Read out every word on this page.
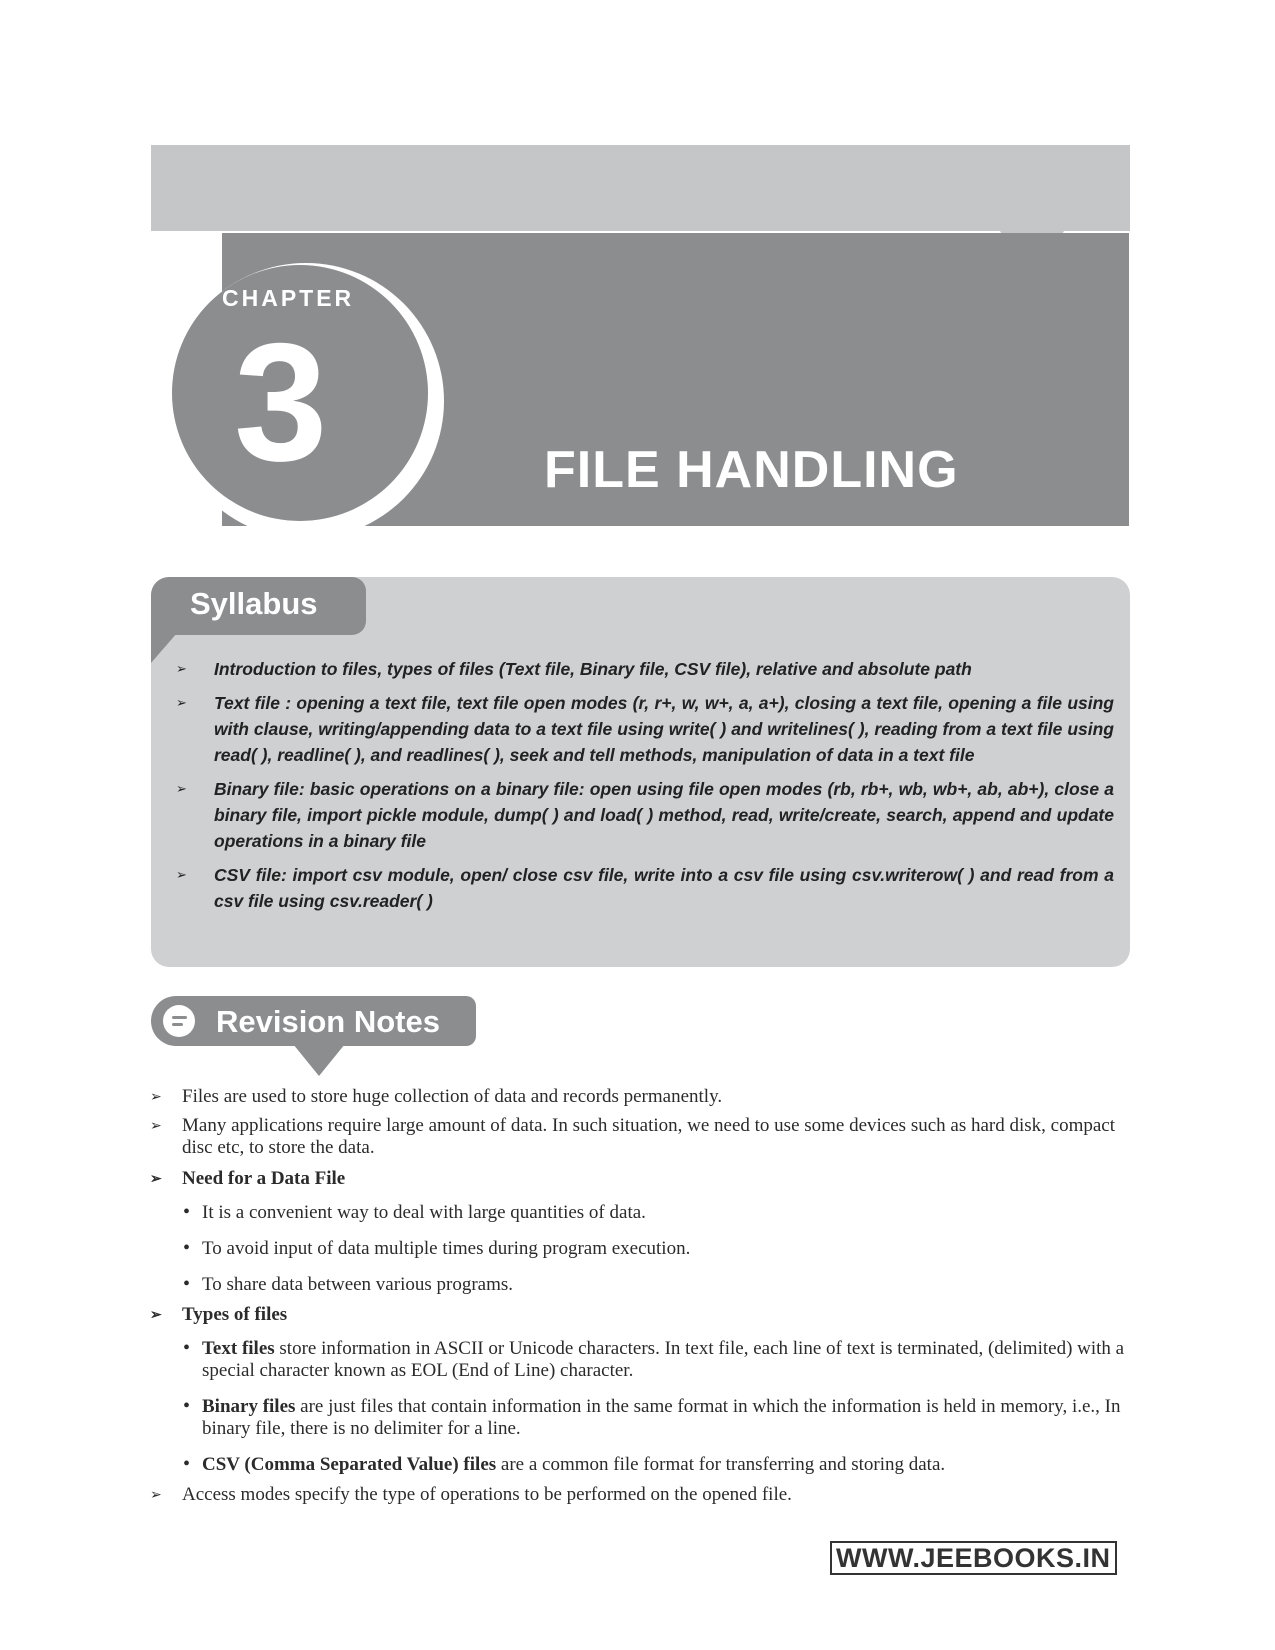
CHAPTER
3	FILE HANDLING
Syllabus
➢ Introduction to files, types of files (Text file, Binary file, CSV file), relative and absolute path
➢ Text file : opening a text file, text file open modes (r, r+, w, w+, a, a+), closing a text file, opening a file using with clause, writing/appending data to a text file using write( ) and writelines( ), reading from a text file using read( ), readline( ), and readlines( ), seek and tell methods, manipulation of data in a text file
➢ Binary file: basic operations on a binary file: open using file open modes (rb, rb+, wb, wb+, ab, ab+), close a binary file, import pickle module, dump( ) and load( ) method, read, write/create, search, append and update operations in a binary file
➢ CSV file: import csv module, open/ close csv file, write into a csv file using csv.writerow( ) and read from a csv file using csv.reader( )
Revision Notes
➢ Files are used to store huge collection of data and records permanently.
➢ Many applications require large amount of data. In such situation, we need to use some devices such as hard disk, compact disc etc, to store the data.
➢ Need for a Data File
• It is a convenient way to deal with large quantities of data.
• To avoid input of data multiple times during program execution.
• To share data between various programs.
➢ Types of files
• Text files store information in ASCII or Unicode characters. In text file, each line of text is terminated, (delimited) with a special character known as EOL (End of Line) character.
• Binary files are just files that contain information in the same format in which the information is held in memory, i.e., In binary file, there is no delimiter for a line.
• CSV (Comma Separated Value) files are a common file format for transferring and storing data.
➢ Access modes specify the type of operations to be performed on the opened file.
WWW.JEEBOOKS.IN
